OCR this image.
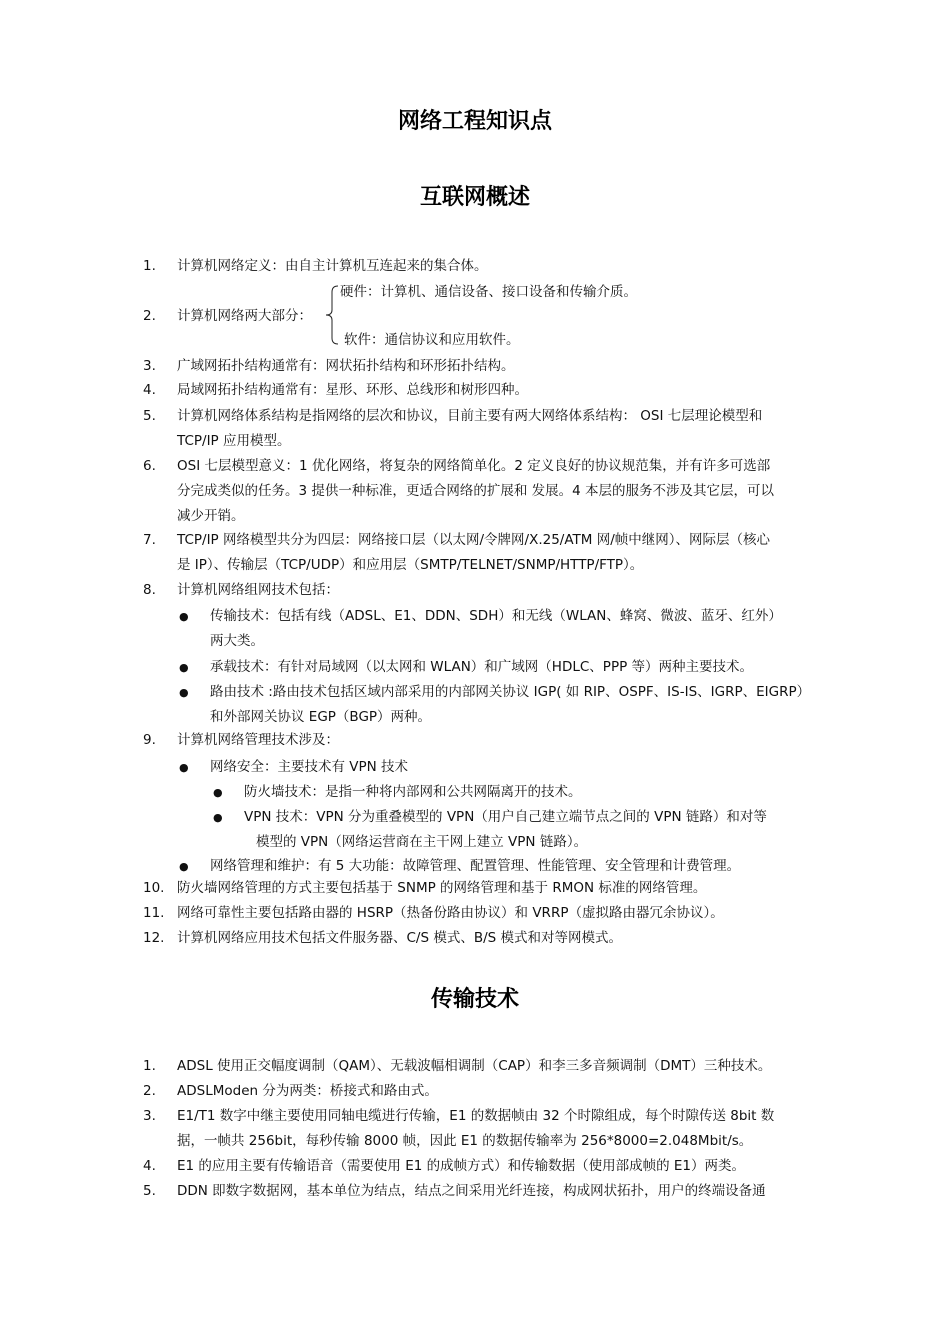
网络工程知识点
互联网概述
传输技术
1. 计算机网络定义：由自主计算机互连起来的集合体。
2. 计算机网络两大部分：
硬件：计算机、通信设备、接口设备和传输介质。
软件：通信协议和应用软件。
3. 广域网拓扑结构通常有：网状拓扑结构和环形拓扑结构。
4. 局域网拓扑结构通常有：星形、环形、总线形和树形四种。
5. 计算机网络体系结构是指网络的层次和协议，目前主要有两大网络体系结构： OSI 七层理论模型和
TCP/IP 应用模型。
6. OSI 七层模型意义：1 优化网络，将复杂的网络简单化。2 定义良好的协议规范集，并有许多可选部
分完成类似的任务。3 提供一种标准，更适合网络的扩展和 发展。4 本层的服务不涉及其它层，可以
减少开销。
7. TCP/IP 网络模型共分为四层：网络接口层（以太网/令牌网/X.25/ATM 网/帧中继网）、网际层（核心
是 IP）、传输层（TCP/UDP）和应用层（SMTP/TELNET/SNMP/HTTP/FTP）。
8. 计算机网络组网技术包括：
9. 计算机网络管理技术涉及：
10. 防火墙网络管理的方式主要包括基于 SNMP 的网络管理和基于 RMON 标准的网络管理。
11. 网络可靠性主要包括路由器的 HSRP（热备份路由协议）和 VRRP（虚拟路由器冗余协议）。
12. 计算机网络应用技术包括文件服务器、C/S 模式、B/S 模式和对等网模式。
● 传输技术：包括有线（ADSL、E1、DDN、SDH）和无线（WLAN、蜂窝、微波、蓝牙、红外）
两大类。
● 承载技术：有针对局域网（以太网和 WLAN）和广域网（HDLC、PPP 等）两种主要技术。
● 路由技术 :路由技术包括区域内部采用的内部网关协议 IGP( 如 RIP、OSPF、IS-IS、IGRP、EIGRP）
和外部网关协议 EGP（BGP）两种。
● 网络安全：主要技术有 VPN 技术
● 防火墙技术：是指一种将内部网和公共网隔离开的技术。
● VPN 技术：VPN 分为重叠模型的 VPN（用户自己建立端节点之间的 VPN 链路）和对等
模型的 VPN（网络运营商在主干网上建立 VPN 链路）。
● 网络管理和维护：有 5 大功能：故障管理、配置管理、性能管理、安全管理和计费管理。
1. ADSL 使用正交幅度调制（QAM）、无载波幅相调制（CAP）和李三多音频调制（DMT）三种技术。
2. ADSLModen 分为两类：桥接式和路由式。
3. E1/T1 数字中继主要使用同轴电缆进行传输，E1 的数据帧由 32 个时隙组成，每个时隙传送 8bit 数
据，一帧共 256bit，每秒传输 8000 帧，因此 E1 的数据传输率为 256*8000=2.048Mbit/s。
4. E1 的应用主要有传输语音（需要使用 E1 的成帧方式）和传输数据（使用部成帧的 E1）两类。
5. DDN 即数字数据网，基本单位为结点，结点之间采用光纤连接，构成网状拓扑，用户的终端设备通
